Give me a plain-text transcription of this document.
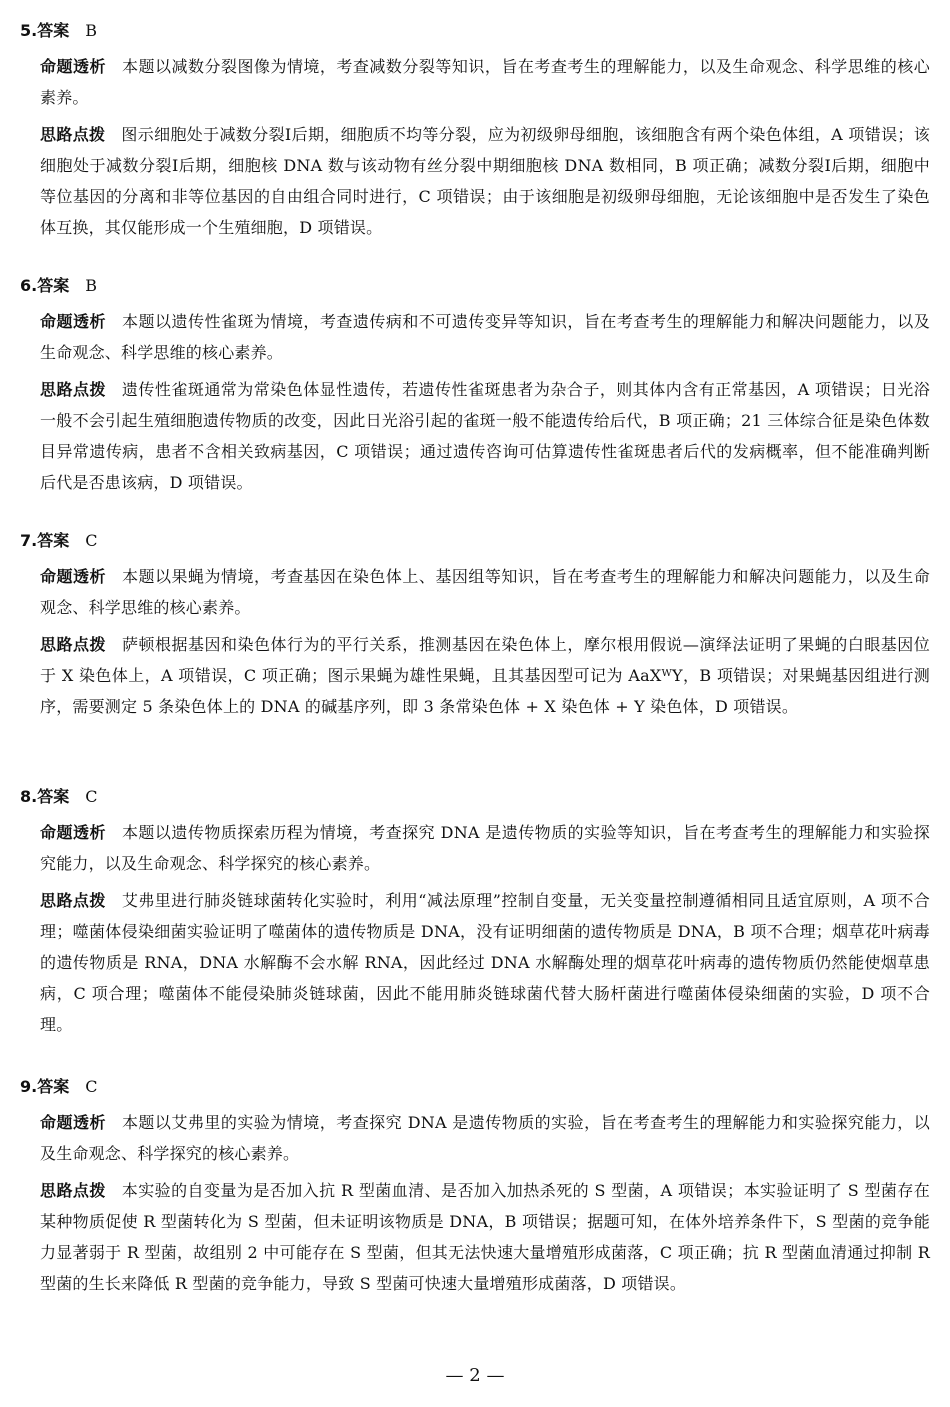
5.答案 B
命题透析 本题以减数分裂图像为情境，考查减数分裂等知识，旨在考查考生的理解能力，以及生命观念、科学思维的核心素养。
思路点拨 图示细胞处于减数分裂Ⅰ后期，细胞质不均等分裂，应为初级卵母细胞，该细胞含有两个染色体组，A 项错误；该细胞处于减数分裂Ⅰ后期，细胞核 DNA 数与该动物有丝分裂中期细胞核 DNA 数相同，B 项正确；减数分裂Ⅰ后期，细胞中等位基因的分离和非等位基因的自由组合同时进行，C 项错误；由于该细胞是初级卵母细胞，无论该细胞中是否发生了染色体互换，其仅能形成一个生殖细胞，D 项错误。
6.答案 B
命题透析 本题以遗传性雀斑为情境，考查遗传病和不可遗传变异等知识，旨在考查考生的理解能力和解决问题能力，以及生命观念、科学思维的核心素养。
思路点拨 遗传性雀斑通常为常染色体显性遗传，若遗传性雀斑患者为杂合子，则其体内含有正常基因，A 项错误；日光浴一般不会引起生殖细胞遗传物质的改变，因此日光浴引起的雀斑一般不能遗传给后代，B 项正确；21 三体综合征是染色体数目异常遗传病，患者不含相关致病基因，C 项错误；通过遗传咨询可估算遗传性雀斑患者后代的发病概率，但不能准确判断后代是否患该病，D 项错误。
7.答案 C
命题透析 本题以果蝇为情境，考查基因在染色体上、基因组等知识，旨在考查考生的理解能力和解决问题能力，以及生命观念、科学思维的核心素养。
思路点拨 萨顿根据基因和染色体行为的平行关系，推测基因在染色体上，摩尔根用假说—演绎法证明了果蝇的白眼基因位于 X 染色体上，A 项错误，C 项正确；图示果蝇为雄性果蝇，且其基因型可记为 AaXᵂY，B 项错误；对果蝇基因组进行测序，需要测定 5 条染色体上的 DNA 的碱基序列，即 3 条常染色体 + X 染色体 + Y 染色体，D 项错误。
8.答案 C
命题透析 本题以遗传物质探索历程为情境，考查探究 DNA 是遗传物质的实验等知识，旨在考查考生的理解能力和实验探究能力，以及生命观念、科学探究的核心素养。
思路点拨 艾弗里进行肺炎链球菌转化实验时，利用“减法原理”控制自变量，无关变量控制遵循相同且适宜原则，A 项不合理；噬菌体侵染细菌实验证明了噬菌体的遗传物质是 DNA，没有证明细菌的遗传物质是 DNA，B 项不合理；烟草花叶病毒的遗传物质是 RNA，DNA 水解酶不会水解 RNA，因此经过 DNA 水解酶处理的烟草花叶病毒的遗传物质仍然能使烟草患病，C 项合理；噬菌体不能侵染肺炎链球菌，因此不能用肺炎链球菌代替大肠杆菌进行噬菌体侵染细菌的实验，D 项不合理。
9.答案 C
命题透析 本题以艾弗里的实验为情境，考查探究 DNA 是遗传物质的实验，旨在考查考生的理解能力和实验探究能力，以及生命观念、科学探究的核心素养。
思路点拨 本实验的自变量为是否加入抗 R 型菌血清、是否加入加热杀死的 S 型菌，A 项错误；本实验证明了 S 型菌存在某种物质促使 R 型菌转化为 S 型菌，但未证明该物质是 DNA，B 项错误；据题可知，在体外培养条件下，S 型菌的竞争能力显著弱于 R 型菌，故组别 2 中可能存在 S 型菌，但其无法快速大量增殖形成菌落，C 项正确；抗 R 型菌血清通过抑制 R 型菌的生长来降低 R 型菌的竞争能力，导致 S 型菌可快速大量增殖形成菌落，D 项错误。
— 2 —
